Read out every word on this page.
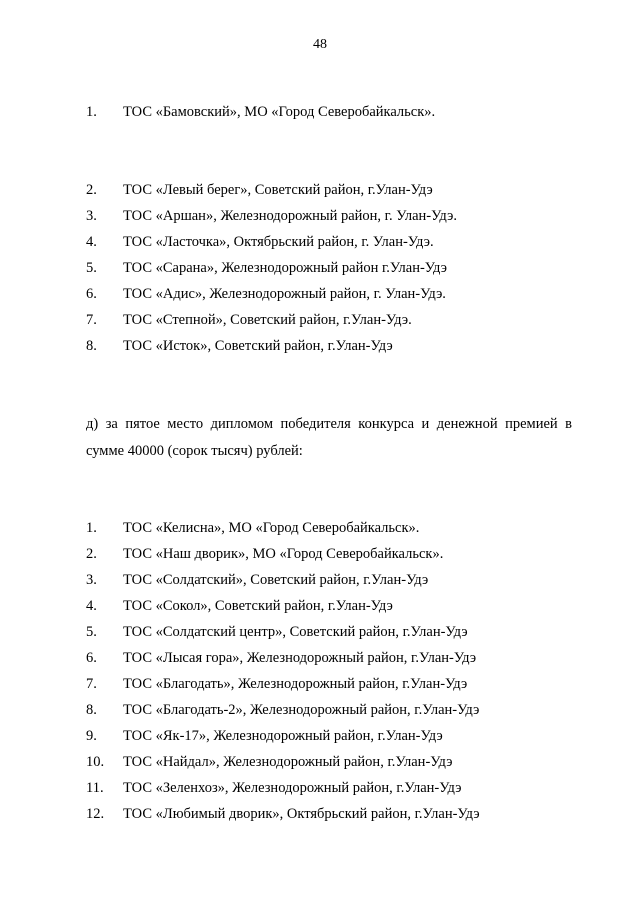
48
1. ТОС «Бамовский», МО «Город Северобайкальск».
2. ТОС «Левый берег», Советский район, г.Улан-Удэ
3. ТОС «Аршан», Железнодорожный район, г. Улан-Удэ.
4. ТОС «Ласточка», Октябрьский район, г. Улан-Удэ.
5. ТОС «Сарана», Железнодорожный район г.Улан-Удэ
6. ТОС «Адис», Железнодорожный район, г. Улан-Удэ.
7. ТОС «Степной», Советский район, г.Улан-Удэ.
8. ТОС «Исток», Советский район, г.Улан-Удэ
д) за пятое место дипломом победителя конкурса и денежной премией в
сумме 40000 (сорок тысяч) рублей:
1. ТОС «Келисна», МО «Город Северобайкальск».
2. ТОС «Наш дворик», МО «Город Северобайкальск».
3. ТОС «Солдатский», Советский район, г.Улан-Удэ
4. ТОС «Сокол», Советский район, г.Улан-Удэ
5. ТОС «Солдатский центр», Советский район, г.Улан-Удэ
6. ТОС «Лысая гора», Железнодорожный район, г.Улан-Удэ
7. ТОС «Благодать», Железнодорожный район, г.Улан-Удэ
8. ТОС «Благодать-2», Железнодорожный район, г.Улан-Удэ
9. ТОС «Як-17», Железнодорожный район, г.Улан-Удэ
10. ТОС «Найдал», Железнодорожный район, г.Улан-Удэ
11. ТОС «Зеленхоз», Железнодорожный район, г.Улан-Удэ
12. ТОС «Любимый дворик», Октябрьский район, г.Улан-Удэ
